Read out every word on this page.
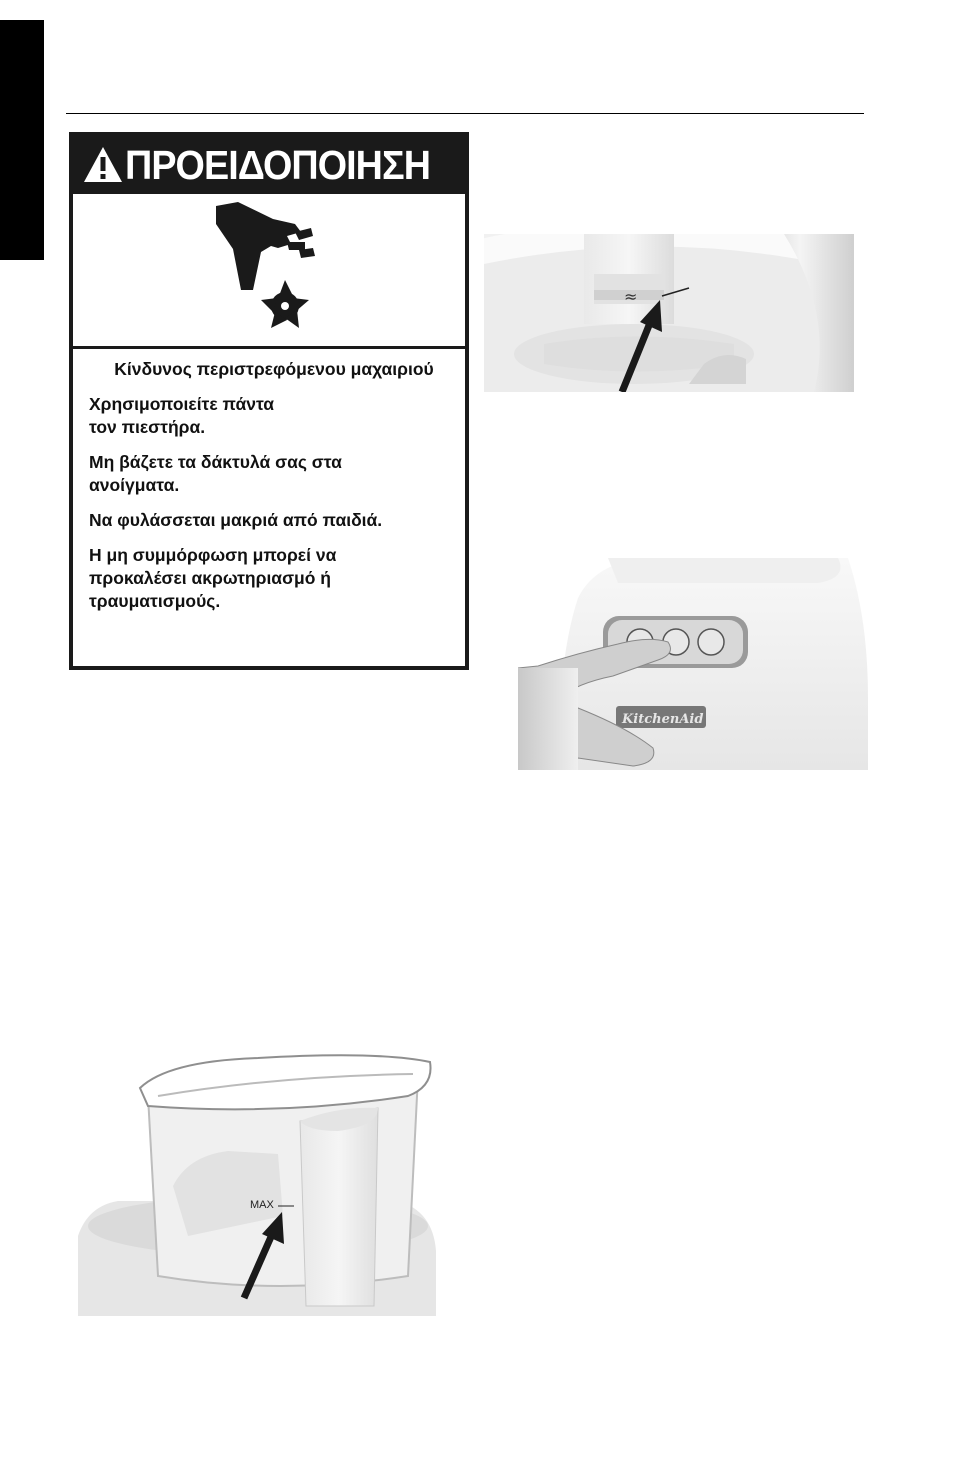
ΠΡΟΕΙΔΟΠΟΙΗΣΗ

Κίνδυνος περιστρεφόμενου μαχαιριού

Χρησιμοποιείτε πάντα
τον πιεστήρα.

Μη βάζετε τα δάκτυλά σας στα
ανοίγματα.

Να φυλάσσεται μακριά από παιδιά.

Η μη συμμόρφωση μπορεί να
προκαλέσει ακρωτηριασμό ή
τραυματισμούς.

≈
KitchenAid
MAX
